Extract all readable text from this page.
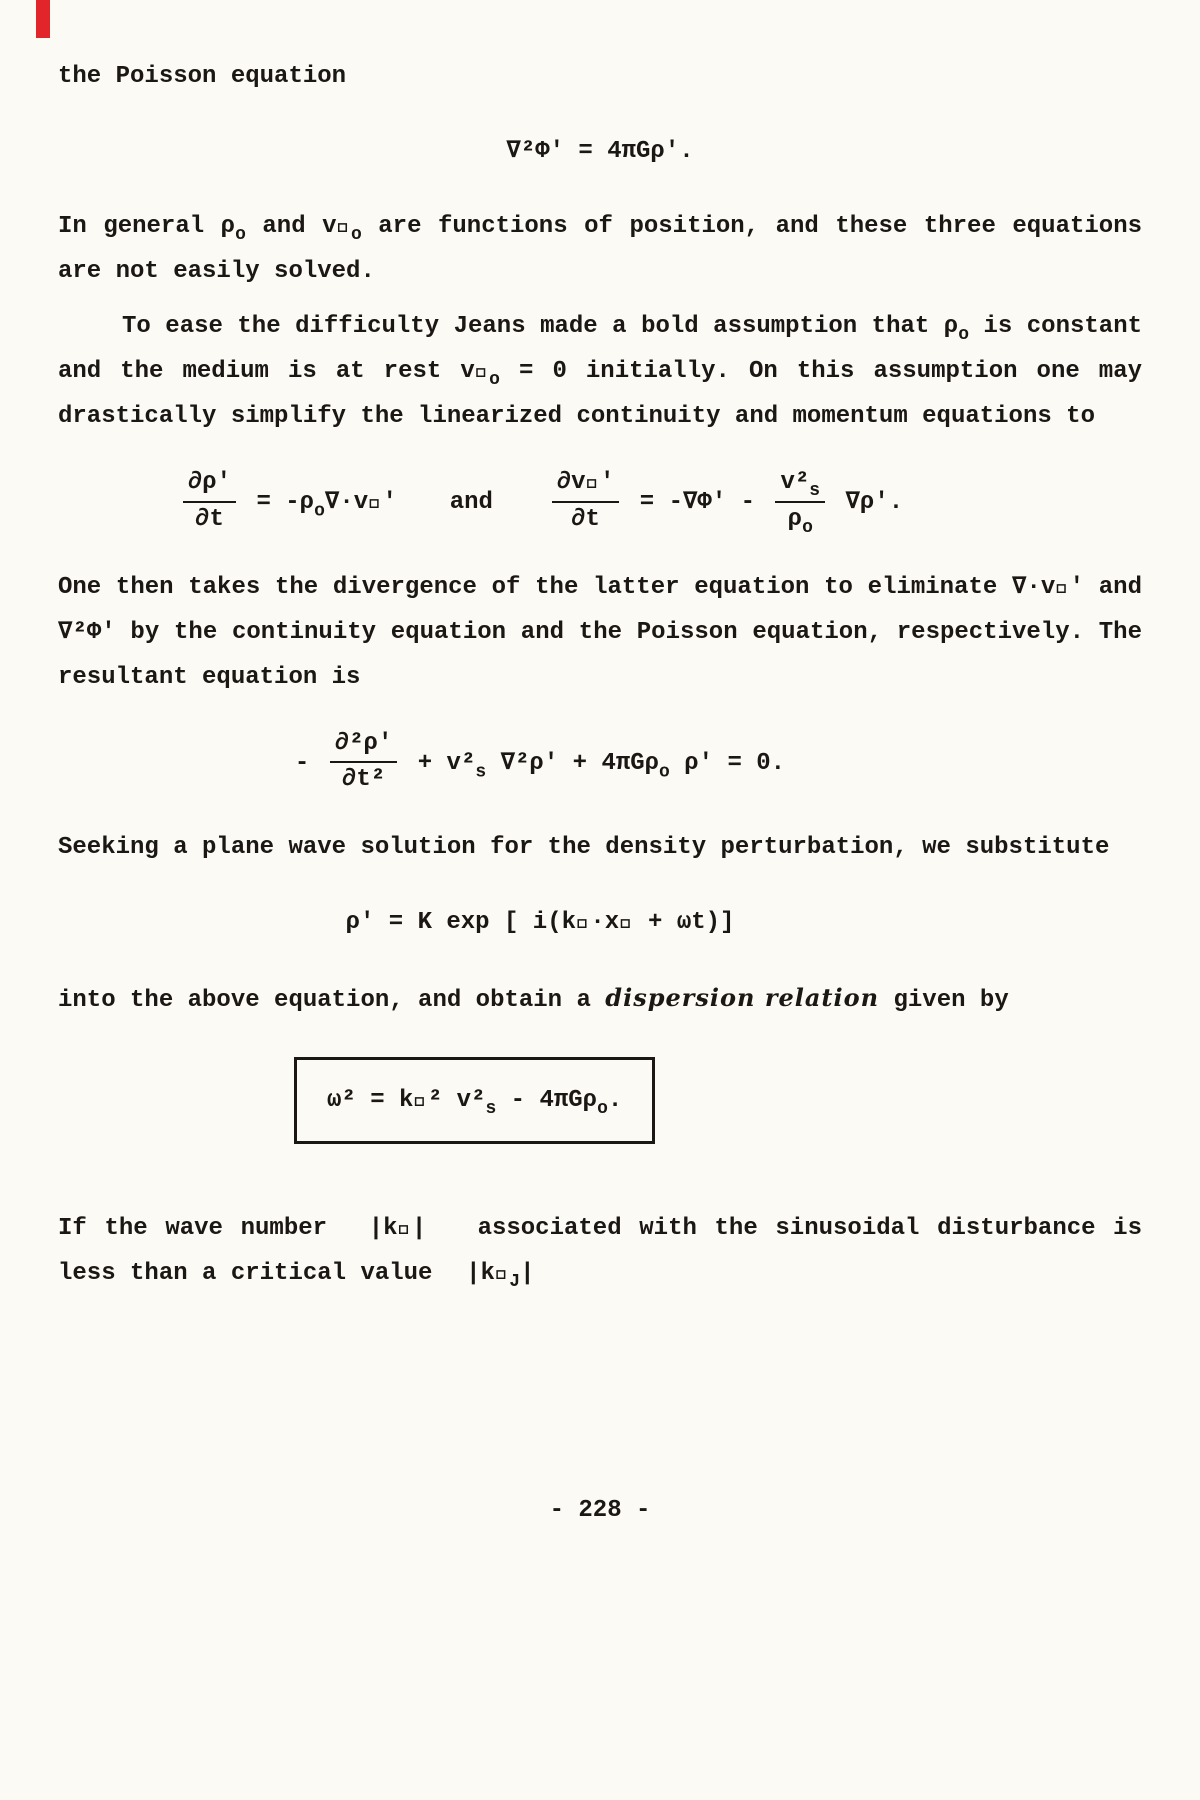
the Poisson equation

∇²Φ' = 4πGρ'.

In general $\rho_o$ and $v⃗_o$ are functions of position, and these three equations are not easily solved.

To ease the difficulty Jeans made a bold assumption that $\rho_o$ is constant and the medium is at rest $v⃗_o = 0$ initially. On this assumption one may drastically simplify the linearized continuity and momentum equations to

$\frac{\partial\rho'}{\partial t}$ = $-\rho_o\nabla\cdot v⃗'$ and $\frac{\partial v⃗'}{\partial t} = -\nabla\Phi' - \frac{v^2_s}{\rho_o} \nabla\rho'$.

One then takes the divergence of the latter equation to eliminate ∇·v⃗' and ∇²Φ' by the continuity equation and the Poisson equation, respectively. The resultant equation is

- $\frac{\text{∂²ρ'}}{\text{∂t²}} + v^2_s$ ∇²ρ' + 4πGρ$_o$ ρ' = 0.

Seeking a plane wave solution for the density perturbation, we substitute

ρ' = K exp [ i(k⃗·x⃗ + ωt)]

into the above equation, and obtain a dispersion relation given by

ω² = k⃗² $v^2_s - 4\pi G\rho_o$.

If the wave number |k⃗| associated with the sinusoidal disturbance is less than a critical value $|k⃗_J|$

- 228 -
